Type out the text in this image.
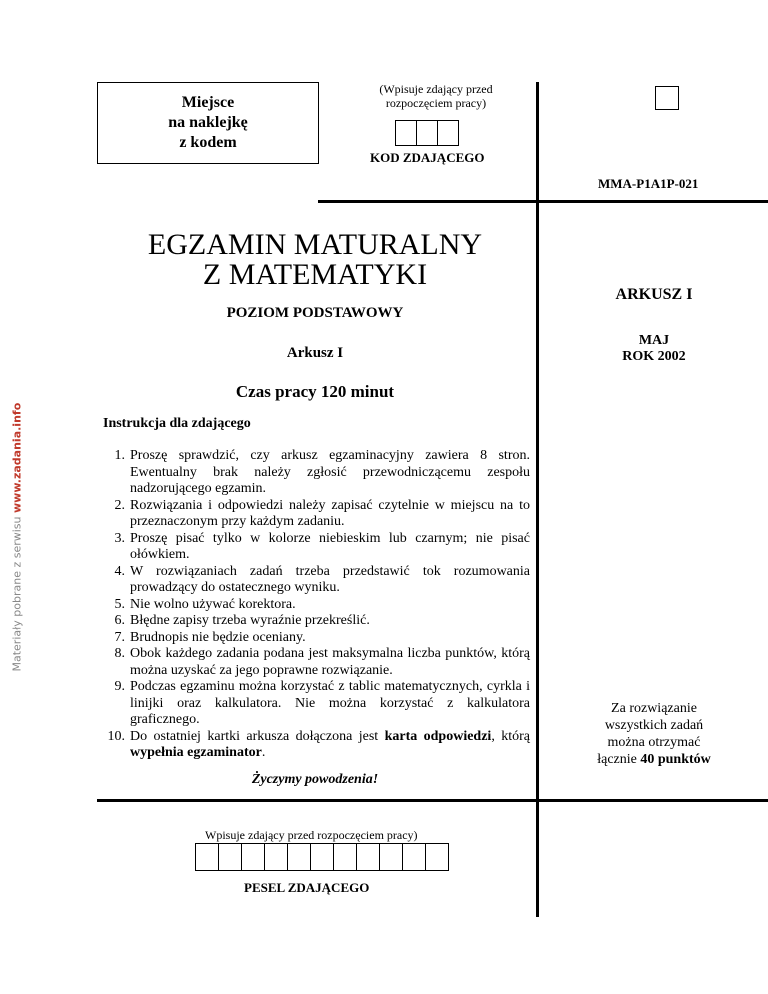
Materiały pobrane z serwisu www.zadania.info
Miejsce
na naklejkę
z kodem
(Wpisuje zdający przed
rozpoczęciem pracy)
KOD ZDAJĄCEGO
MMA-P1A1P-021
EGZAMIN MATURALNY
Z MATEMATYKI
POZIOM PODSTAWOWY
Arkusz I
Czas pracy 120 minut
ARKUSZ I
MAJ
ROK 2002
Za rozwiązanie
wszystkich zadań
można otrzymać
łącznie 40 punktów
Instrukcja dla zdającego
1. Proszę sprawdzić, czy arkusz egzaminacyjny zawiera 8 stron. Ewentualny brak należy zgłosić przewodniczącemu zespołu nadzorującego egzamin.
2. Rozwiązania i odpowiedzi należy zapisać czytelnie w miejscu na to przeznaczonym przy każdym zadaniu.
3. Proszę pisać tylko w kolorze niebieskim lub czarnym; nie pisać ołówkiem.
4. W rozwiązaniach zadań trzeba przedstawić tok rozumowania prowadzący do ostatecznego wyniku.
5. Nie wolno używać korektora.
6. Błędne zapisy trzeba wyraźnie przekreślić.
7. Brudnopis nie będzie oceniany.
8. Obok każdego zadania podana jest maksymalna liczba punktów, którą można uzyskać za jego poprawne rozwiązanie.
9. Podczas egzaminu można korzystać z tablic matematycznych, cyrkla i linijki oraz kalkulatora. Nie można korzystać z kalkulatora graficznego.
10. Do ostatniej kartki arkusza dołączona jest karta odpowiedzi, którą wypełnia egzaminator.
Życzymy powodzenia!
Wpisuje zdający przed rozpoczęciem pracy)
PESEL ZDAJĄCEGO
